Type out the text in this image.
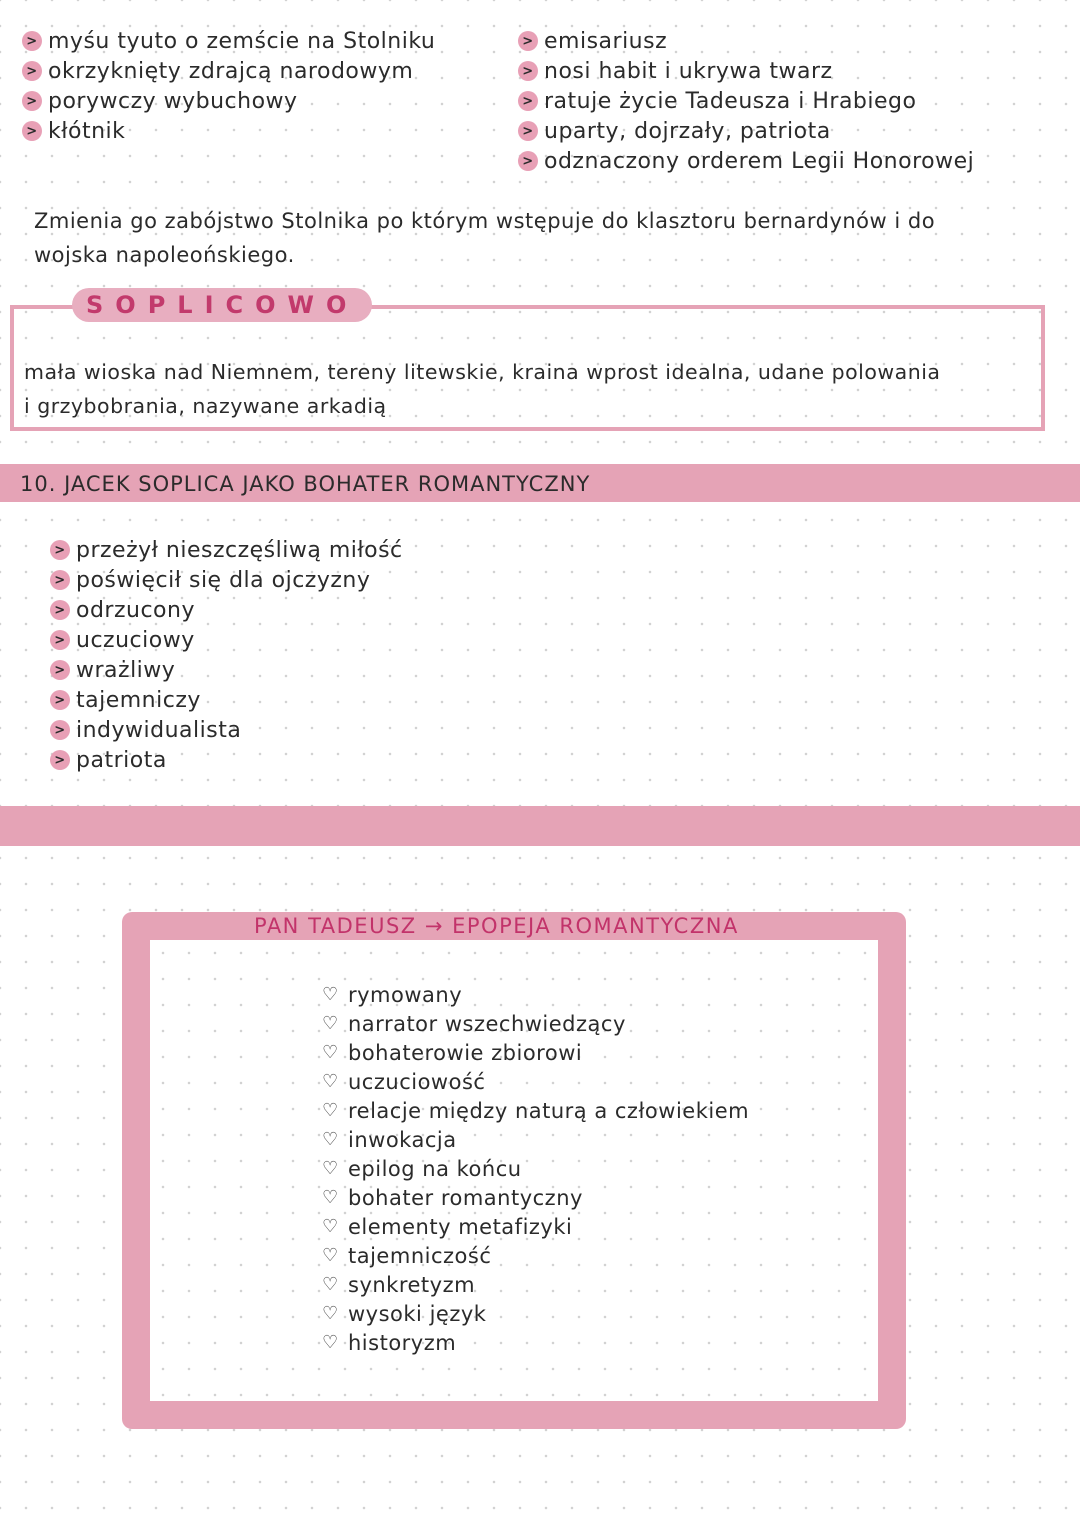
> myśu tyuto o zemście na Stolniku
> okrzyknięty zdrajcą narodowym
> porywczy wybuchowy
> kłótnik
> emisariusz
> nosi habit i ukrywa twarz
> ratuje życie Tadeusza i Hrabiego
> uparty, dojrzały, patriota
> odznaczony orderem Legii Honorowej
Zmienia go zabójstwo Stolnika po którym wstępuje do klasztoru bernardynów i do
wojska napoleońskiego.
SOPLICOWO
mała wioska nad Niemnem, tereny litewskie, kraina wprost idealna, udane polowania
i grzybobrania, nazywane arkadią
10. JACEK SOPLICA JAKO BOHATER ROMANTYCZNY
> przeżył nieszczęśliwą miłość
> poświęcił się dla ojczyzny
> odrzucony
> uczuciowy
> wrażliwy
> tajemniczy
> indywidualista
> patriota
PAN TADEUSZ → EPOPEJA ROMANTYCZNA
♡ rymowany
♡ narrator wszechwiedzący
♡ bohaterowie zbiorowi
♡ uczuciowość
♡ relacje między naturą a człowiekiem
♡ inwokacja
♡ epilog na końcu
♡ bohater romantyczny
♡ elementy metafizyki
♡ tajemniczość
♡ synkretyzm
♡ wysoki język
♡ historyzm
